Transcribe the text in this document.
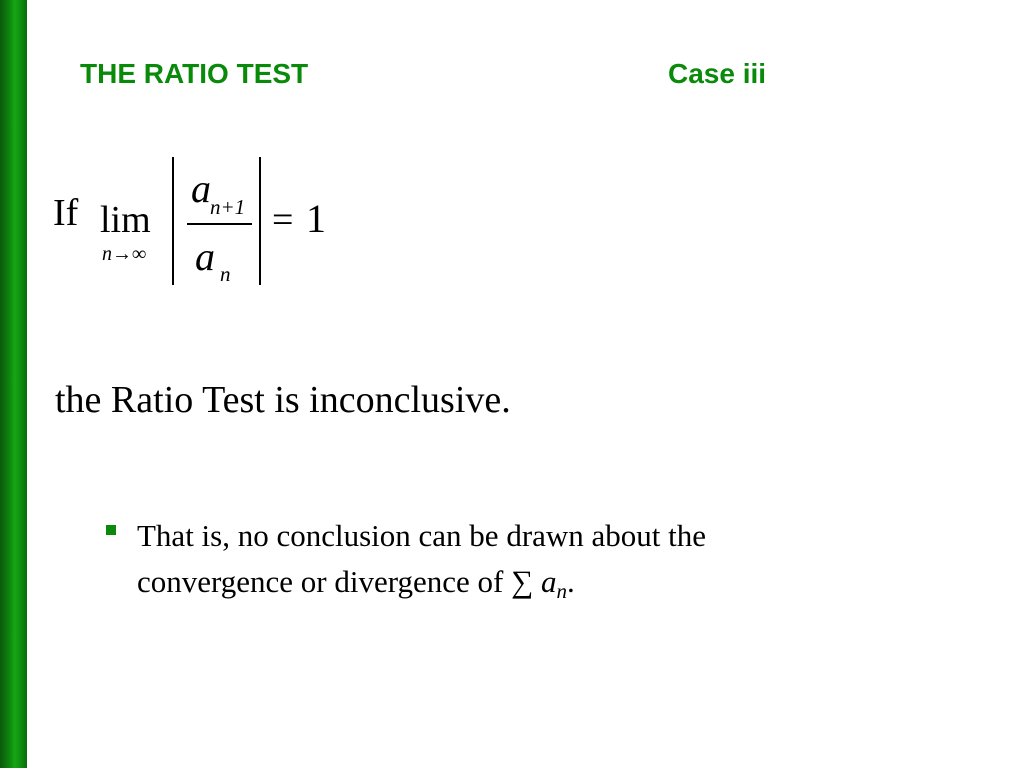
THE RATIO TEST	Case iii
If lim
n→∞
a n+1
a n
= 1
the Ratio Test is inconclusive.
That is, no conclusion can be drawn about the convergence or divergence of ∑ $a_n$.
